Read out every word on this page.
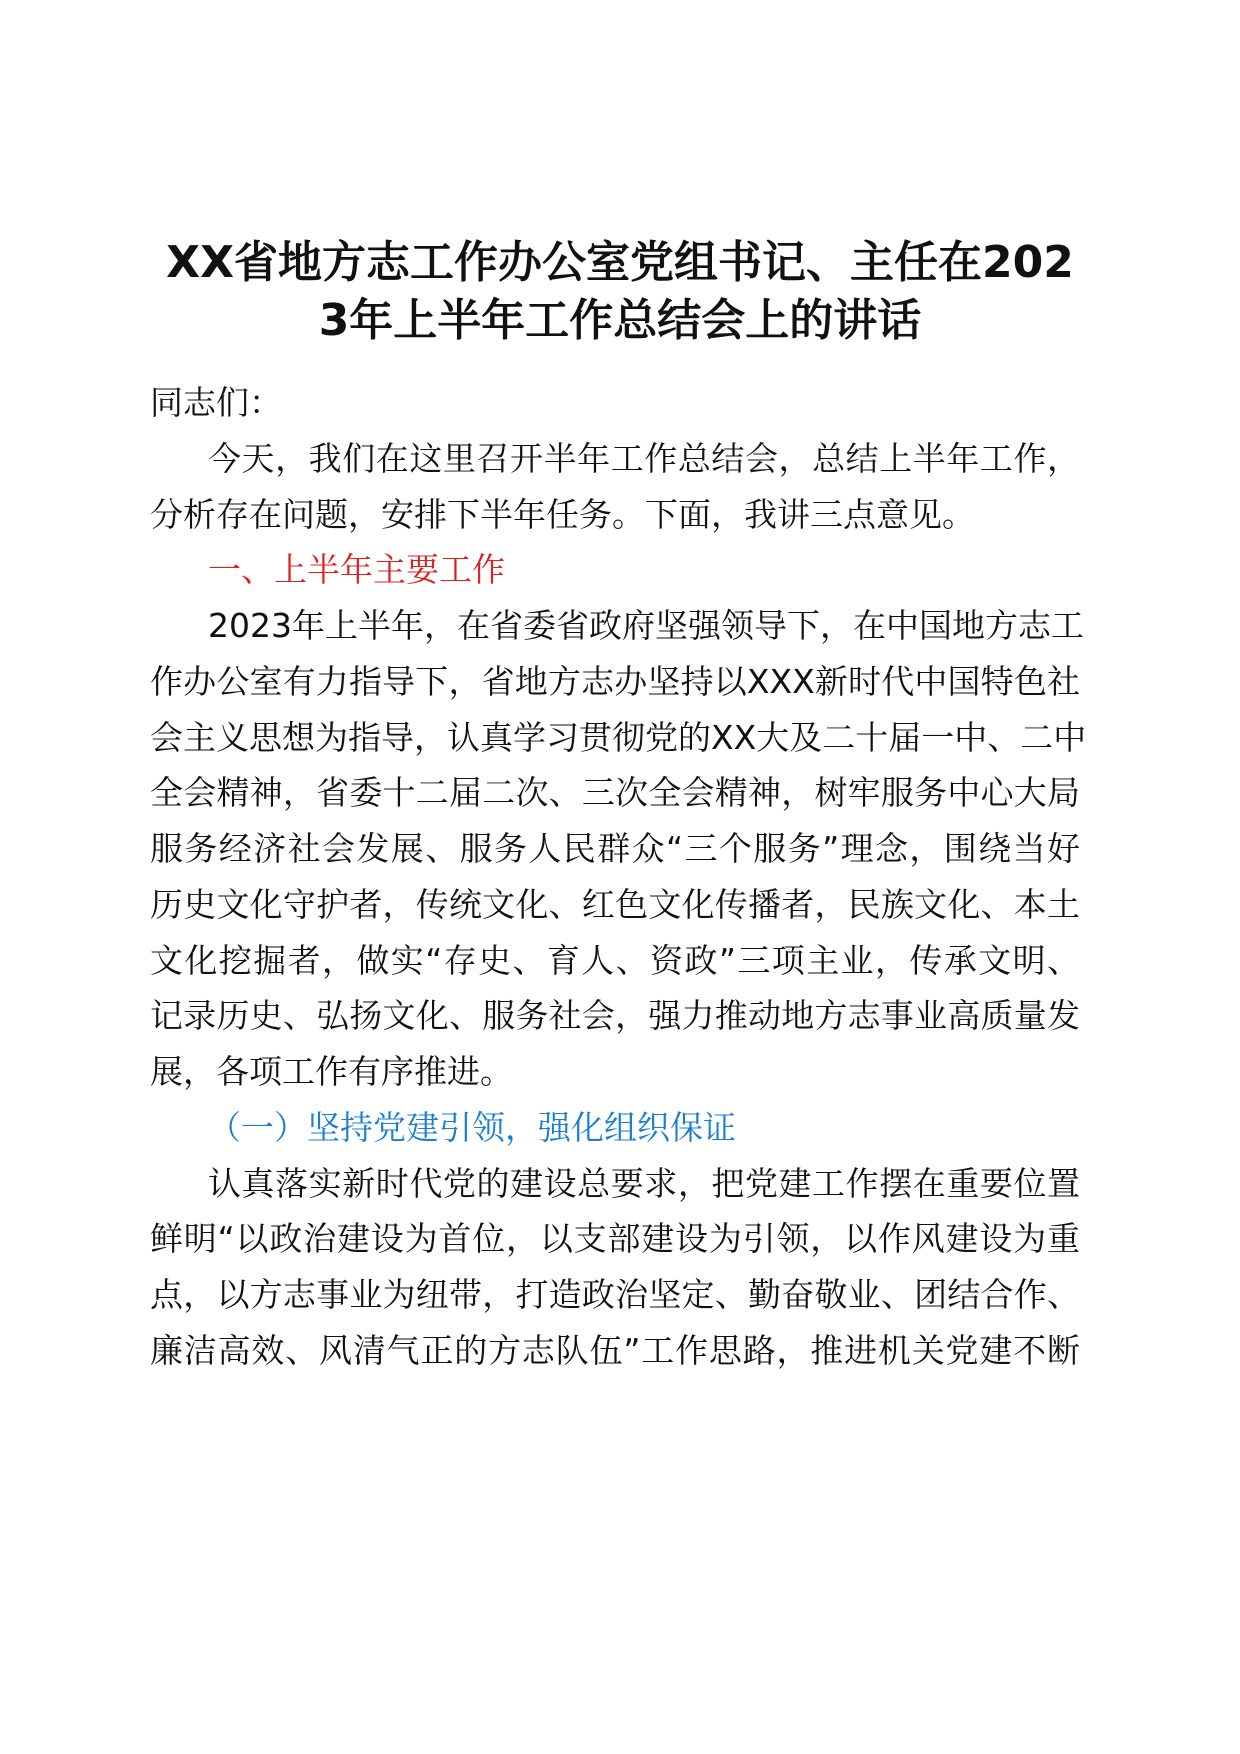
XX省地方志工作办公室党组书记、主任在202
3年上半年工作总结会上的讲话
同志们：
今天，我们在这里召开半年工作总结会，总结上半年工作，
分析存在问题，安排下半年任务。下面，我讲三点意见。
一、上半年主要工作
2023年上半年，在省委省政府坚强领导下，在中国地方志工
作办公室有力指导下，省地方志办坚持以XXX新时代中国特色社
会主义思想为指导，认真学习贯彻党的XX大及二十届一中、二中
全会精神，省委十二届二次、三次全会精神，树牢服务中心大局
服务经济社会发展、服务人民群众“三个服务”理念，围绕当好
历史文化守护者，传统文化、红色文化传播者，民族文化、本土
文化挖掘者，做实“存史、育人、资政”三项主业，传承文明、
记录历史、弘扬文化、服务社会，强力推动地方志事业高质量发
展，各项工作有序推进。
（一）坚持党建引领，强化组织保证
认真落实新时代党的建设总要求，把党建工作摆在重要位置
鲜明“以政治建设为首位，以支部建设为引领，以作风建设为重
点，以方志事业为纽带，打造政治坚定、勤奋敬业、团结合作、
廉洁高效、风清气正的方志队伍”工作思路，推进机关党建不断
